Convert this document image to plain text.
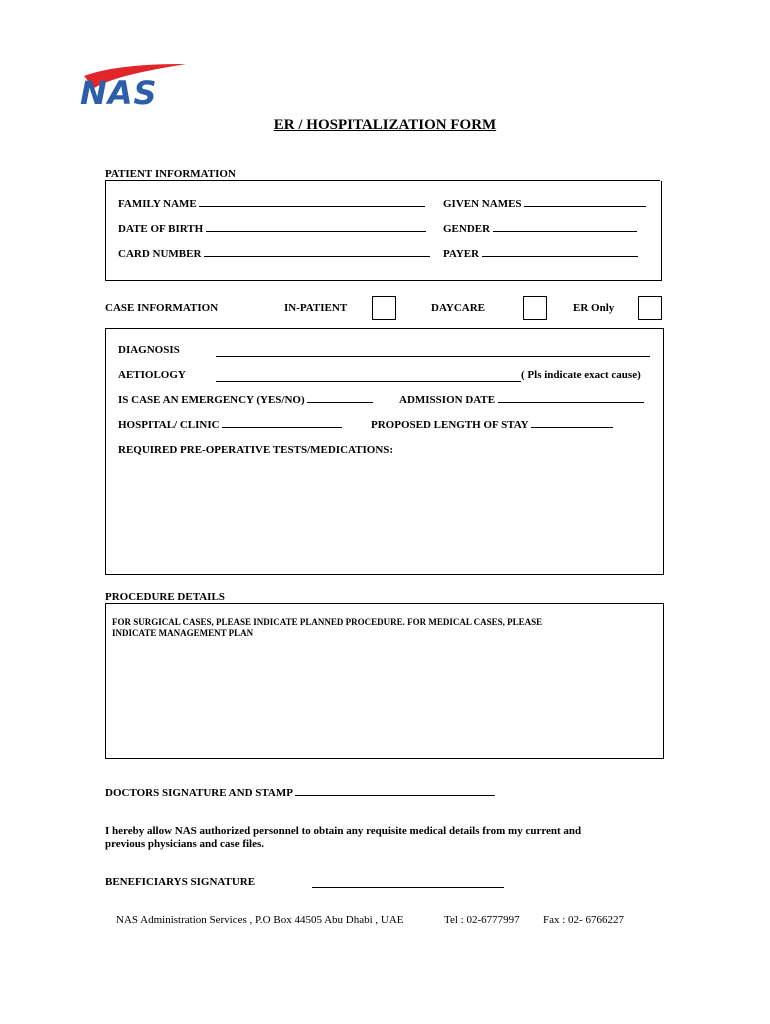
NAS
ER / HOSPITALIZATION FORM
PATIENT INFORMATION
FAMILY NAME	GIVEN NAMES
DATE OF BIRTH	GENDER
CARD NUMBER	PAYER
CASE INFORMATION	IN-PATIENT	DAYCARE	ER Only
DIAGNOSIS
AETIOLOGY	( Pls indicate exact cause)
IS CASE AN EMERGENCY (YES/NO)	ADMISSION DATE
HOSPITAL/ CLINIC	PROPOSED LENGTH OF STAY
REQUIRED PRE-OPERATIVE TESTS/MEDICATIONS:
PROCEDURE DETAILS
FOR SURGICAL CASES, PLEASE INDICATE PLANNED PROCEDURE. FOR MEDICAL CASES, PLEASE
INDICATE MANAGEMENT PLAN
DOCTORS SIGNATURE AND STAMP
I hereby allow NAS authorized personnel to obtain any requisite medical details from my current and
previous physicians and case files.
BENEFICIARYS SIGNATURE
NAS Administration Services , P.O Box 44505 Abu Dhabi , UAE	Tel : 02-6777997 Fax : 02- 6766227
